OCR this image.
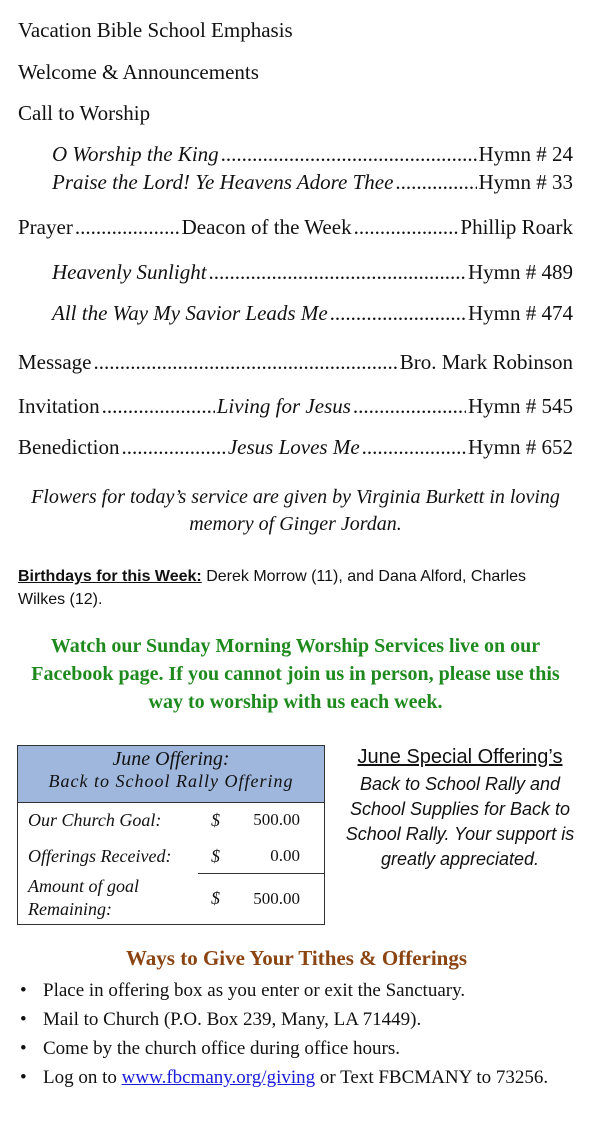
Vacation Bible School Emphasis
Welcome & Announcements
Call to Worship
O Worship the King .....	Hymn # 24
Praise the Lord! Ye Heavens Adore Thee .....	Hymn # 33
Prayer .....	Deacon of the Week .....	Phillip Roark
Heavenly Sunlight .....	Hymn # 489
All the Way My Savior Leads Me .....	Hymn # 474
Message .....	Bro. Mark Robinson
Invitation .....	Living for Jesus .....	Hymn # 545
Benediction .....	Jesus Loves Me .....	Hymn # 652
Flowers for today’s service are given by Virginia Burkett in loving memory of Ginger Jordan.
Birthdays for this Week: Derek Morrow (11), and Dana Alford, Charles Wilkes (12).
Watch our Sunday Morning Worship Services live on our Facebook page. If you cannot join us in person, please use this way to worship with us each week.
June Offering:
Back to School Rally Offering
Our Church Goal:	$ 500.00
Offerings Received: $	0.00
Amount of goal
Remaining:
$ 500.00
June Special Offering’s
Back to School Rally and School Supplies for Back to School Rally. Your support is greatly appreciated.
Ways to Give Your Tithes & Offerings
• Place in offering box as you enter or exit the Sanctuary.
• Mail to Church (P.O. Box 239, Many, LA 71449).
• Come by the church office during office hours.
• Log on to www.fbcmany.org/giving or Text FBCMANY to 73256.
